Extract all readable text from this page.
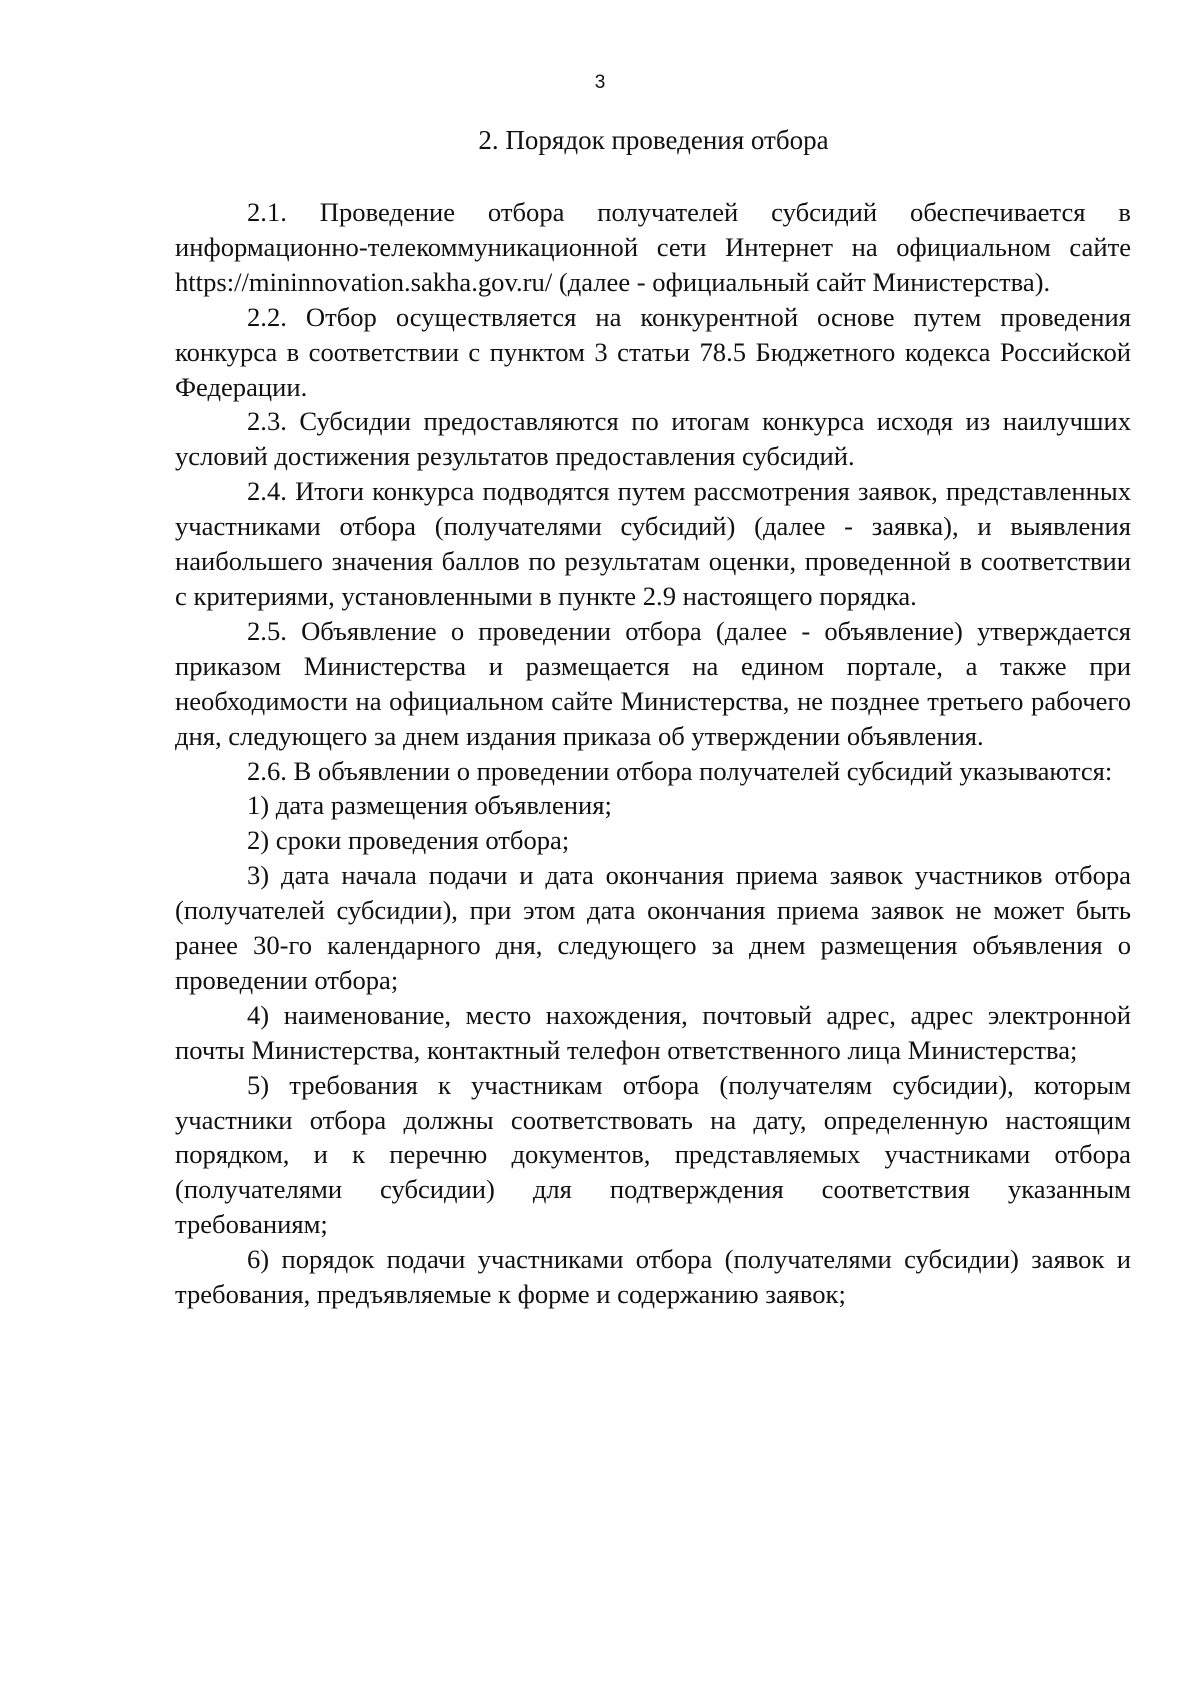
3
2. Порядок проведения отбора

2.1. Проведение отбора получателей субсидий обеспечивается в информационно-телекоммуникационной сети Интернет на официальном сайте https://mininnovation.sakha.gov.ru/ (далее - официальный сайт Министерства).

2.2. Отбор осуществляется на конкурентной основе путем проведения конкурса в соответствии с пунктом 3 статьи 78.5 Бюджетного кодекса Российской Федерации.

2.3. Субсидии предоставляются по итогам конкурса исходя из наилучших условий достижения результатов предоставления субсидий.

2.4. Итоги конкурса подводятся путем рассмотрения заявок, представленных участниками отбора (получателями субсидий) (далее - заявка), и выявления наибольшего значения баллов по результатам оценки, проведенной в соответствии с критериями, установленными в пункте 2.9 настоящего порядка.

2.5. Объявление о проведении отбора (далее - объявление) утверждается приказом Министерства и размещается на едином портале, а также при необходимости на официальном сайте Министерства, не позднее третьего рабочего дня, следующего за днем издания приказа об утверждении объявления.

2.6. В объявлении о проведении отбора получателей субсидий указываются:

1) дата размещения объявления;

2) сроки проведения отбора;

3) дата начала подачи и дата окончания приема заявок участников отбора (получателей субсидии), при этом дата окончания приема заявок не может быть ранее 30-го календарного дня, следующего за днем размещения объявления о проведении отбора;

4) наименование, место нахождения, почтовый адрес, адрес электронной почты Министерства, контактный телефон ответственного лица Министерства;

5) требования к участникам отбора (получателям субсидии), которым участники отбора должны соответствовать на дату, определенную настоящим порядком, и к перечню документов, представляемых участниками отбора (получателями субсидии) для подтверждения соответствия указанным требованиям;

6) порядок подачи участниками отбора (получателями субсидии) заявок и требования, предъявляемые к форме и содержанию заявок;
